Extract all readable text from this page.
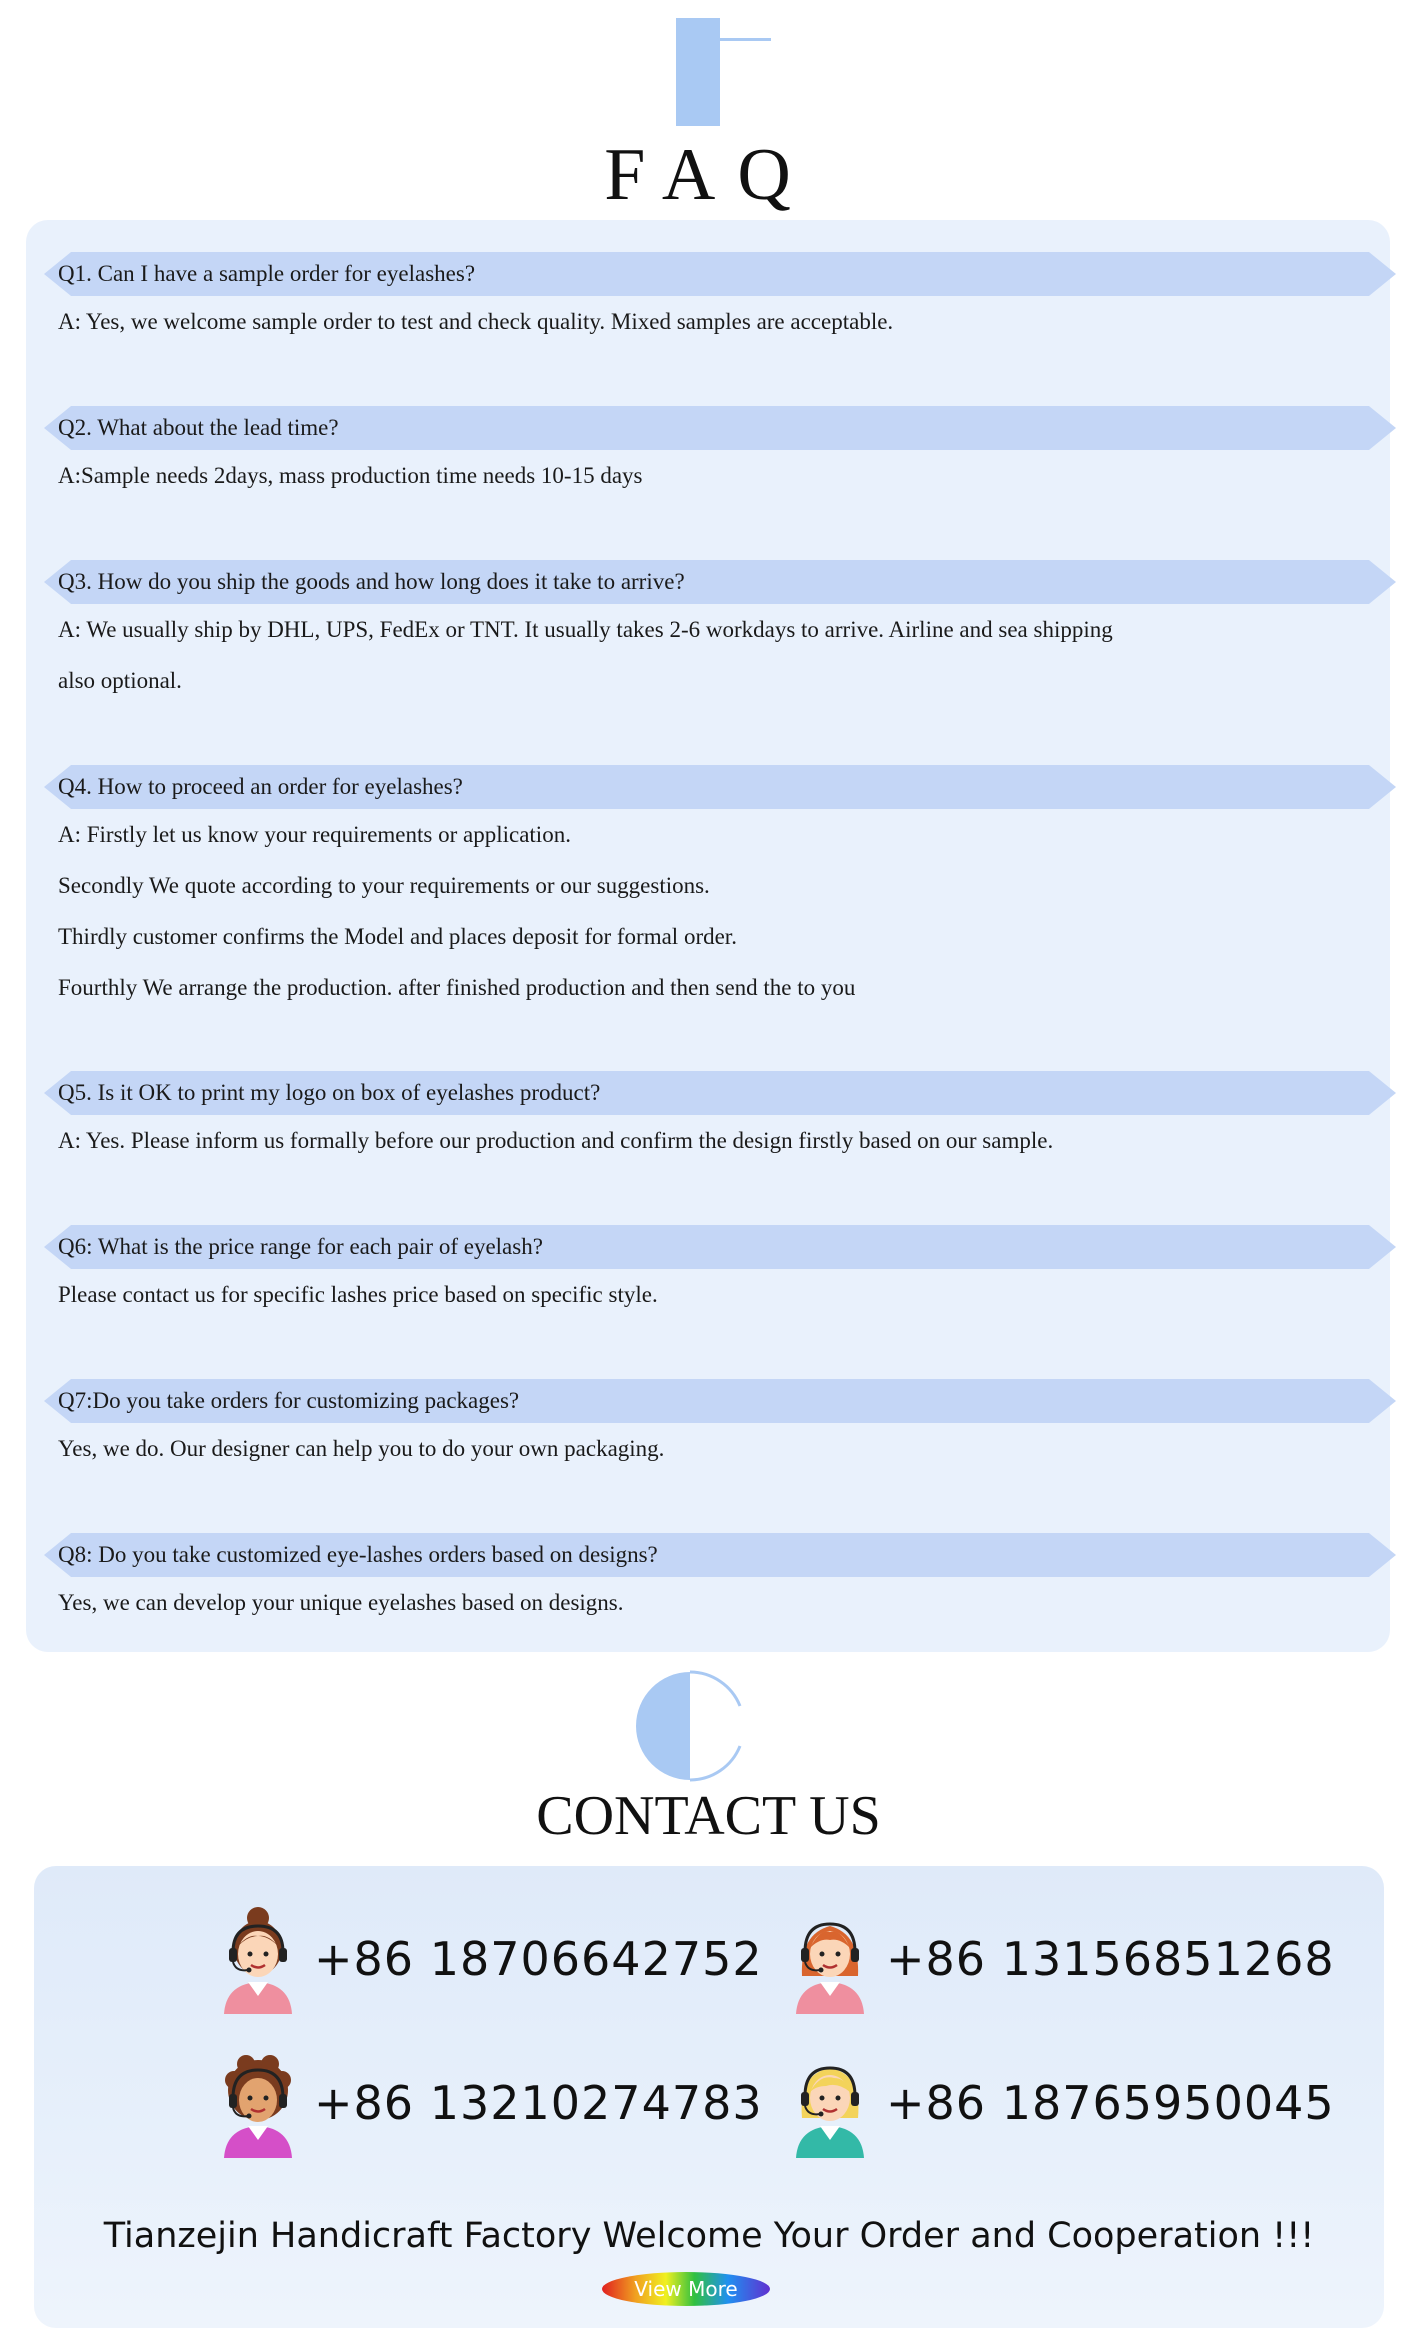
FAQ
Q1. Can I have a sample order for eyelashes?
A: Yes, we welcome sample order to test and check quality. Mixed samples are acceptable.
Q2. What about the lead time?
A:Sample needs 2days, mass production time needs 10-15 days
Q3. How do you ship the goods and how long does it take to arrive?
A: We usually ship by DHL, UPS, FedEx or TNT. It usually takes 2-6 workdays to arrive. Airline and sea shipping
also optional.
Q4. How to proceed an order for eyelashes?
A: Firstly let us know your requirements or application.
Secondly We quote according to your requirements or our suggestions.
Thirdly customer confirms the Model and places deposit for formal order.
Fourthly We arrange the production. after finished production and then send the to you
Q5. Is it OK to print my logo on box of eyelashes product?
A: Yes. Please inform us formally before our production and confirm the design firstly based on our sample.
Q6: What is the price range for each pair of eyelash?
Please contact us for specific lashes price based on specific style.
Q7:Do you take orders for customizing packages?
Yes, we do. Our designer can help you to do your own packaging.
Q8: Do you take customized eye-lashes orders based on designs?
Yes, we can develop your unique eyelashes based on designs.
CONTACT US
+86 18706642752	+86 13156851268
+86 13210274783	+86 18765950045
Tianzejin Handicraft Factory Welcome Your Order and Cooperation !!!
View More
